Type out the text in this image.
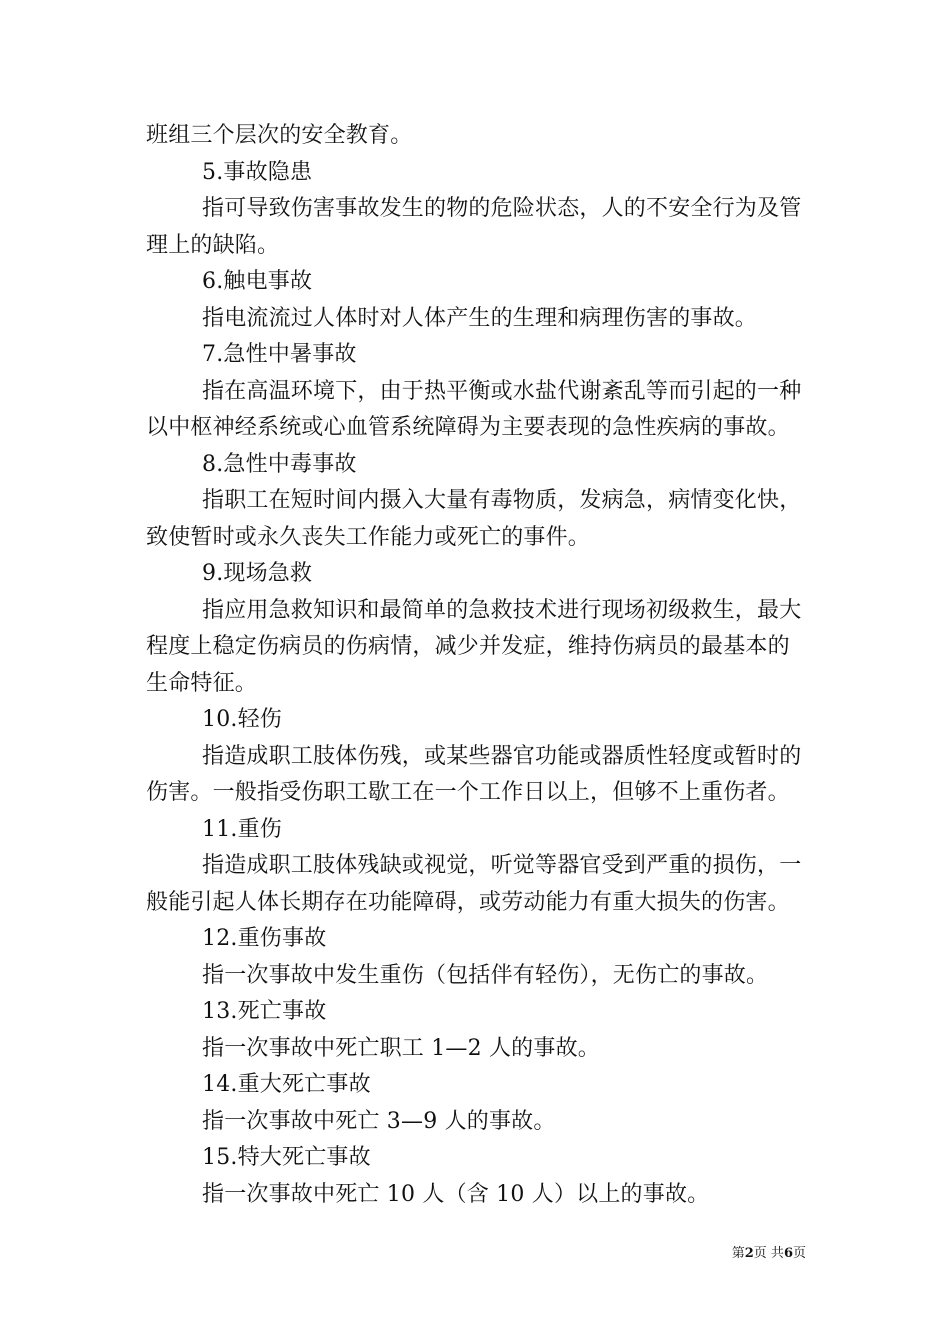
班组三个层次的安全教育。
5.事故隐患
指可导致伤害事故发生的物的危险状态，人的不安全行为及管
理上的缺陷。
6.触电事故
指电流流过人体时对人体产生的生理和病理伤害的事故。
7.急性中暑事故
指在高温环境下，由于热平衡或水盐代谢紊乱等而引起的一种
以中枢神经系统或心血管系统障碍为主要表现的急性疾病的事故。
8.急性中毒事故
指职工在短时间内摄入大量有毒物质，发病急，病情变化快，
致使暂时或永久丧失工作能力或死亡的事件。
9.现场急救
指应用急救知识和最简单的急救技术进行现场初级救生，最大
程度上稳定伤病员的伤病情，减少并发症，维持伤病员的最基本的
生命特征。
10.轻伤
指造成职工肢体伤残，或某些器官功能或器质性轻度或暂时的
伤害。一般指受伤职工歇工在一个工作日以上，但够不上重伤者。
11.重伤
指造成职工肢体残缺或视觉，听觉等器官受到严重的损伤，一
般能引起人体长期存在功能障碍，或劳动能力有重大损失的伤害。
12.重伤事故
指一次事故中发生重伤（包括伴有轻伤），无伤亡的事故。
13.死亡事故
指一次事故中死亡职工 1—2 人的事故。
14.重大死亡事故
指一次事故中死亡 3—9 人的事故。
15.特大死亡事故
指一次事故中死亡 10 人（含 10 人）以上的事故。
第2页 共6页
